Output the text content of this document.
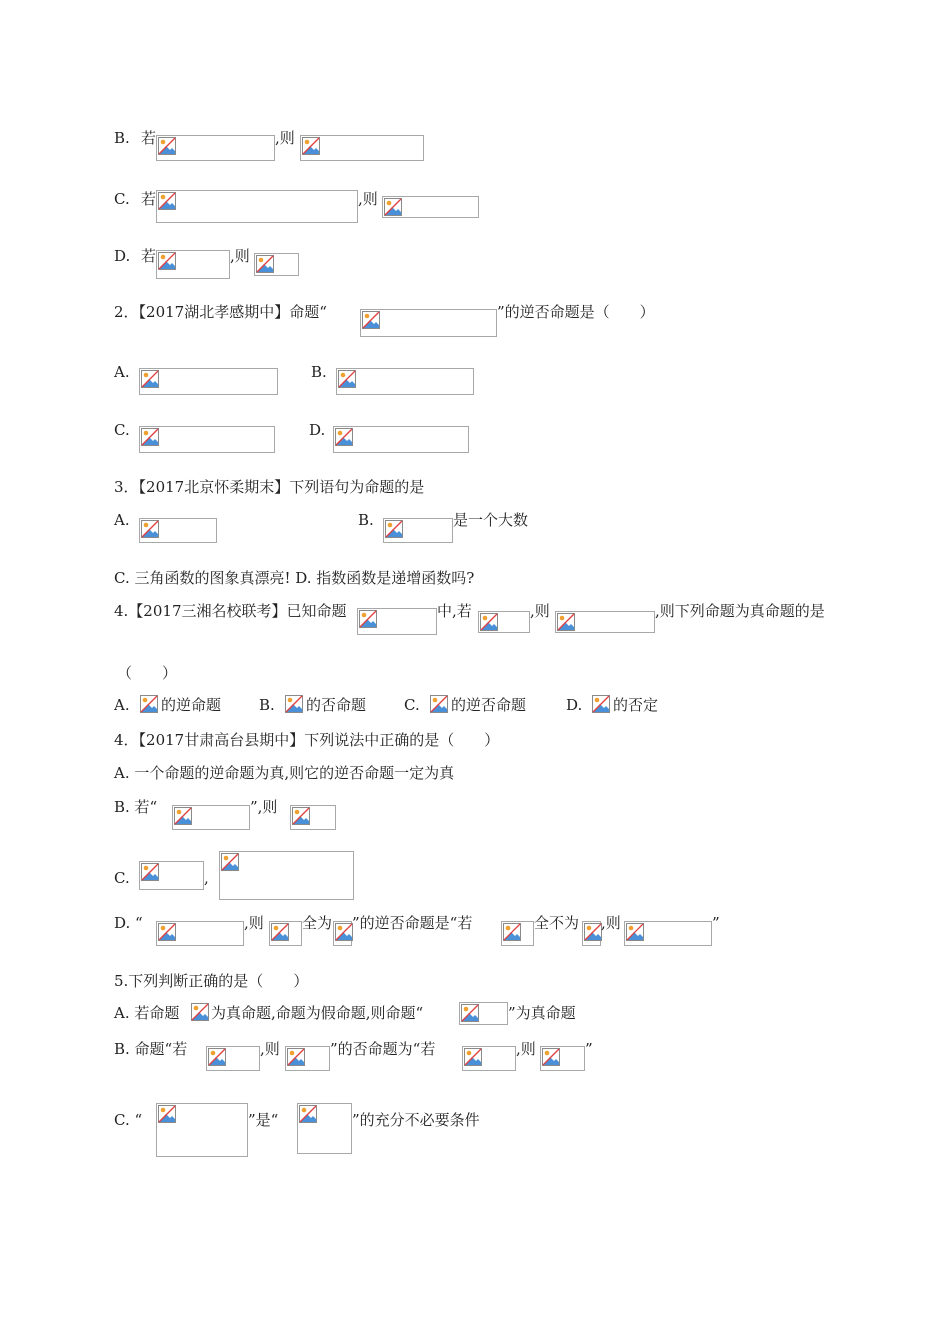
B. 若	,则
C. 若	,则
D. 若	,则
2．【2017湖北孝感期中】命题“	”的逆否命题是（　　）
A.	B.
C.	D.
3．【2017北京怀柔期末】下列语句为命题的是
A.	B.	是一个大数
C. 三角函数的图象真漂亮! D. 指数函数是递增函数吗?
4.【2017三湘名校联考】已知命题	中,若	,则	,则下列命题为真命题的是
（　　）
A. 的逆命题	B. 的否命题	C. 的逆否命题	D. 的否定
4．【2017甘肃高台县期中】下列说法中正确的是（　　）
A. 一个命题的逆命题为真,则它的逆否命题一定为真
B. 若“	”,则
C.	,
D. “	,则	全为 ”的逆否命题是“若	全不为 ,则	”
5.下列判断正确的是（　　）
A. 若命题 为真命题,命题为假命题,则命题“	”为真命题
B. 命题“若	,则	”的否命题为“若	,则	”
C. “	”是“	”的充分不必要条件
